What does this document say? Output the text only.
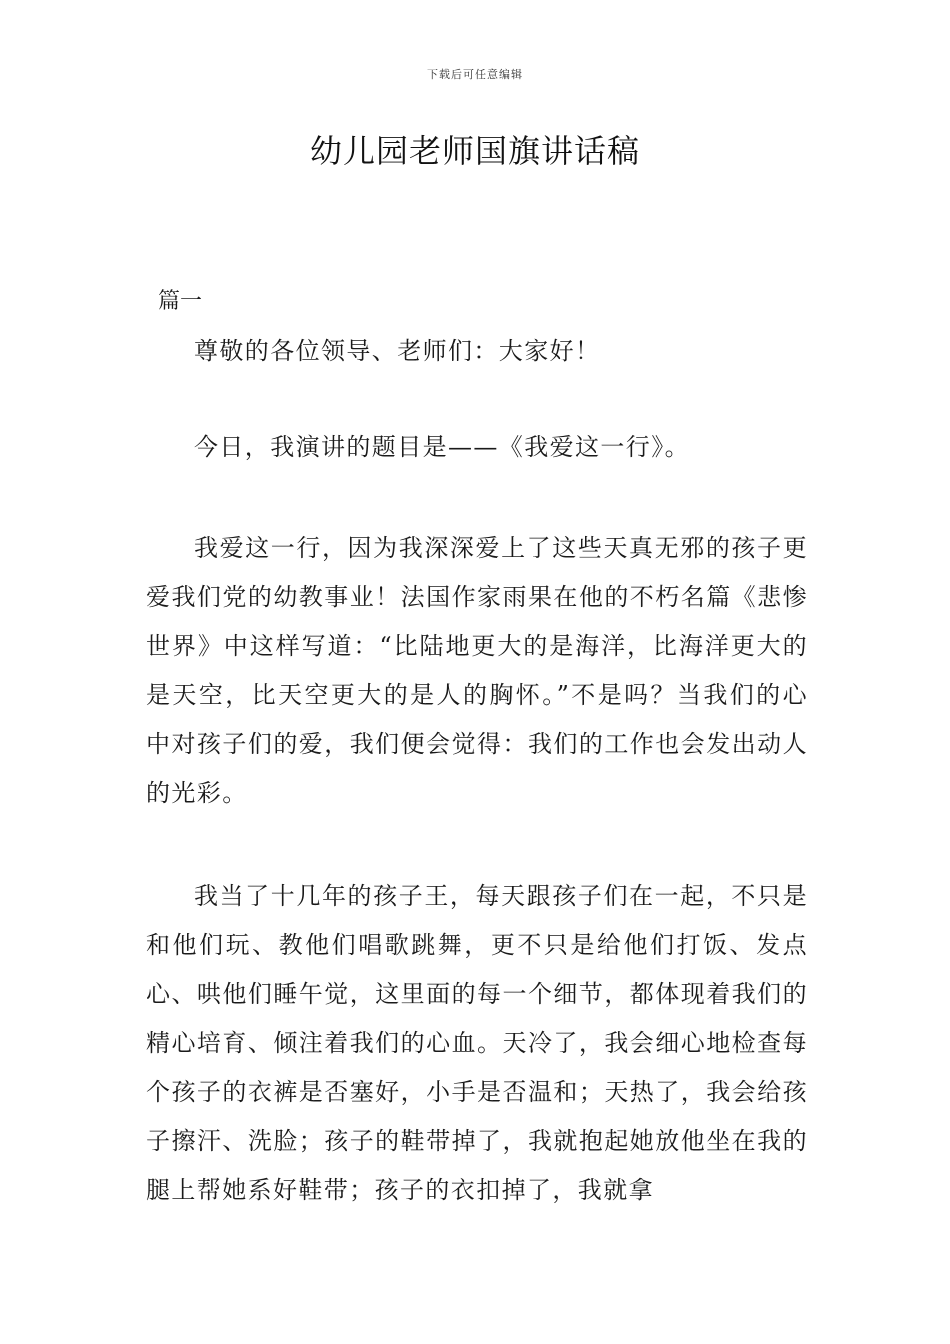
下载后可任意编辑
幼儿园老师国旗讲话稿
篇一

尊敬的各位领导、老师们：大家好！

今日，我演讲的题目是——《我爱这一行》。

我爱这一行，因为我深深爱上了这些天真无邪的孩子更爱我们党的幼教事业！法国作家雨果在他的不朽名篇《悲惨世界》中这样写道：“比陆地更大的是海洋，比海洋更大的是天空，比天空更大的是人的胸怀。”不是吗？当我们的心中对孩子们的爱，我们便会觉得：我们的工作也会发出动人的光彩。

我当了十几年的孩子王，每天跟孩子们在一起，不只是和他们玩、教他们唱歌跳舞，更不只是给他们打饭、发点心、哄他们睡午觉，这里面的每一个细节，都体现着我们的精心培育、倾注着我们的心血。天冷了，我会细心地检查每个孩子的衣裤是否塞好，小手是否温和；天热了，我会给孩子擦汗、洗脸；孩子的鞋带掉了，我就抱起她放他坐在我的腿上帮她系好鞋带；孩子的衣扣掉了，我就拿
